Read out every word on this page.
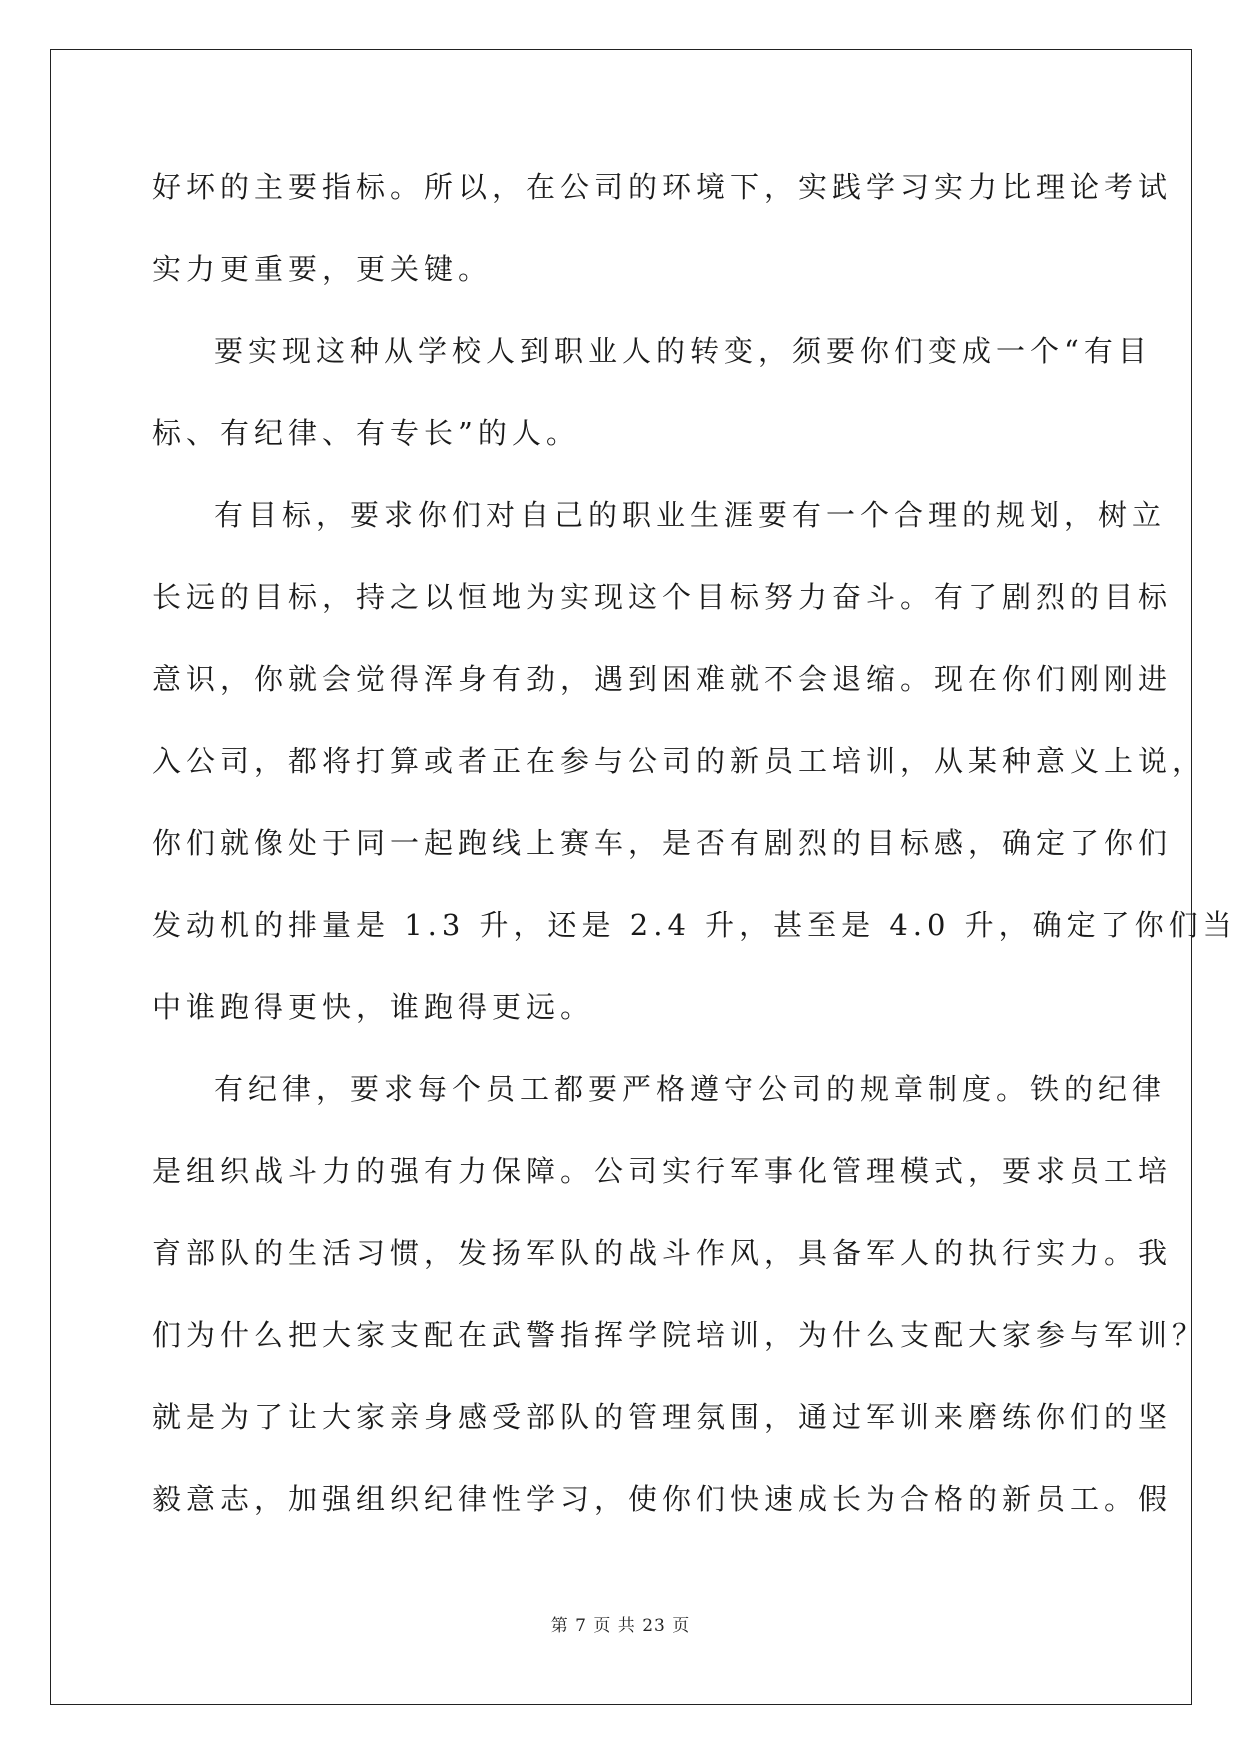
好坏的主要指标。所以，在公司的环境下，实践学习实力比理论考试
实力更重要，更关键。
要实现这种从学校人到职业人的转变，须要你们变成一个“有目
标、有纪律、有专长”的人。
有目标，要求你们对自己的职业生涯要有一个合理的规划，树立
长远的目标，持之以恒地为实现这个目标努力奋斗。有了剧烈的目标
意识，你就会觉得浑身有劲，遇到困难就不会退缩。现在你们刚刚进
入公司，都将打算或者正在参与公司的新员工培训，从某种意义上说，
你们就像处于同一起跑线上赛车，是否有剧烈的目标感，确定了你们
发动机的排量是 1.3 升，还是 2.4 升，甚至是 4.0 升，确定了你们当
中谁跑得更快，谁跑得更远。
有纪律，要求每个员工都要严格遵守公司的规章制度。铁的纪律
是组织战斗力的强有力保障。公司实行军事化管理模式，要求员工培
育部队的生活习惯，发扬军队的战斗作风，具备军人的执行实力。我
们为什么把大家支配在武警指挥学院培训，为什么支配大家参与军训？
就是为了让大家亲身感受部队的管理氛围，通过军训来磨练你们的坚
毅意志，加强组织纪律性学习，使你们快速成长为合格的新员工。假
第 7 页 共 23 页
